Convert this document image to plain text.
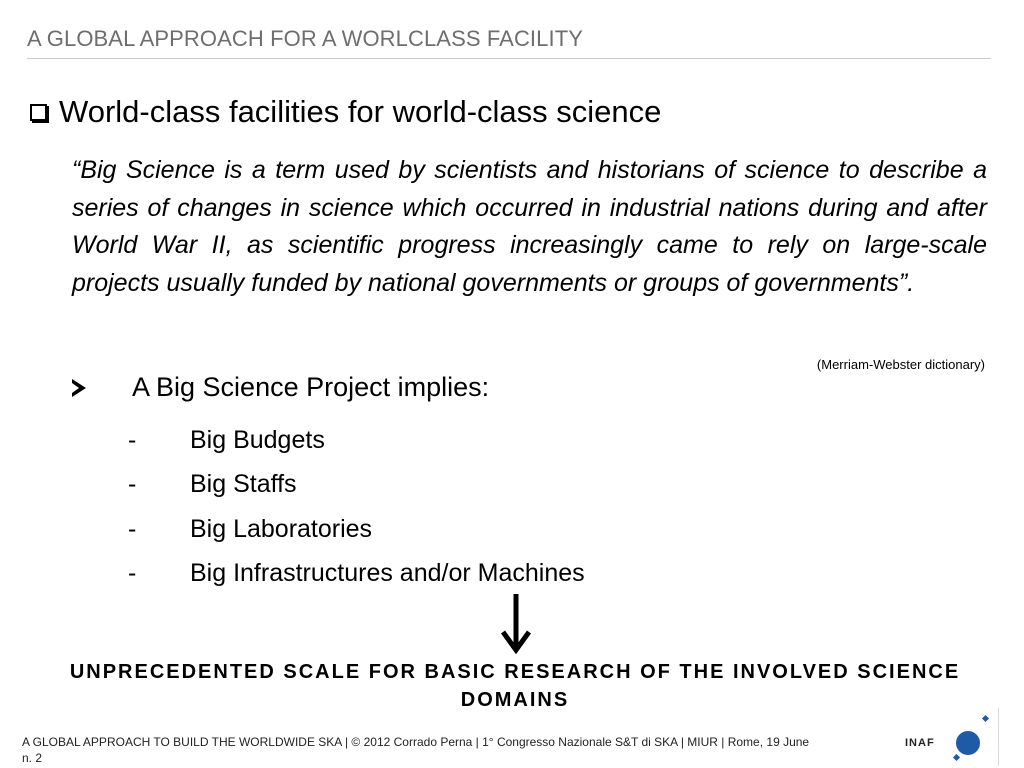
A GLOBAL APPROACH FOR A WORLCLASS FACILITY
World-class facilities for world-class science

“Big Science is a term used by scientists and historians of science to describe a series of changes in science which occurred in industrial nations during and after World War II, as scientific progress increasingly came to rely on large-scale projects usually funded by national governments or groups of governments”.

(Merriam-Webster dictionary)
A Big Science Project implies:
-	Big Budgets
-	Big Staffs
-	Big Laboratories
-	Big Infrastructures and/or Machines
UNPRECEDENTED SCALE FOR BASIC RESEARCH OF THE INVOLVED SCIENCE DOMAINS
A GLOBAL APPROACH TO BUILD THE WORLDWIDE SKA | © 2012 Corrado Perna | 1° Congresso Nazionale S&T di SKA | MIUR | Rome, 19 June
n. 2
INAF
